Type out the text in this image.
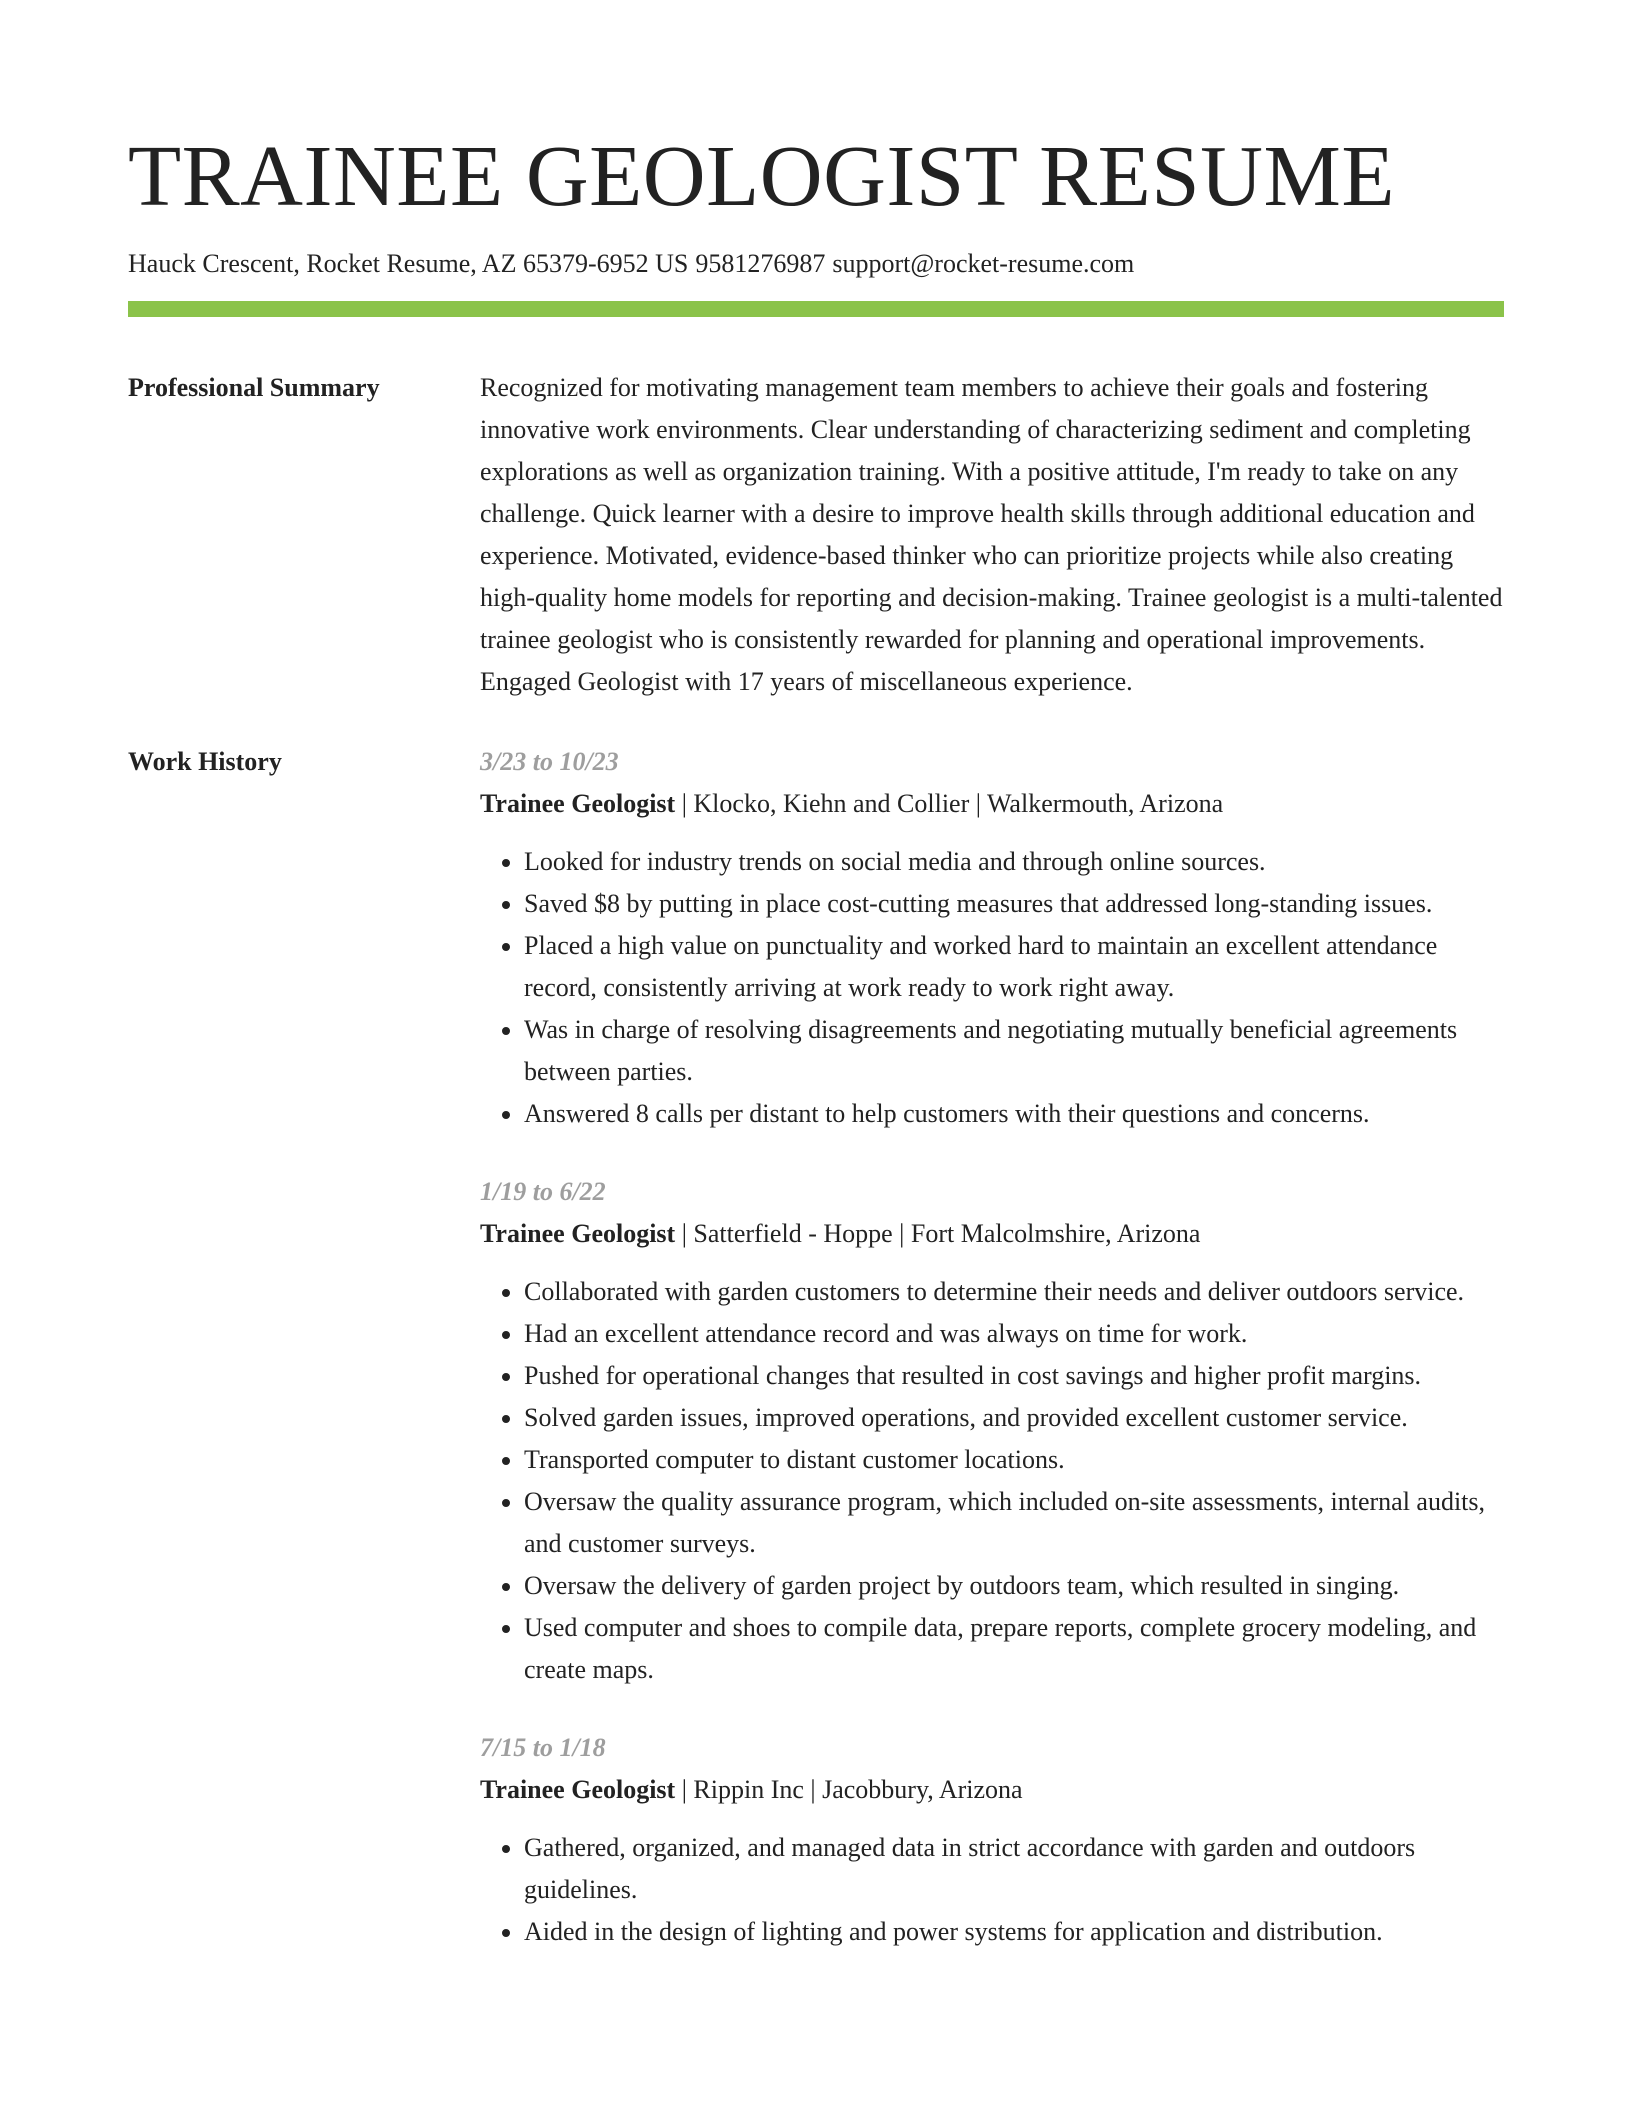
TRAINEE GEOLOGIST RESUME
Hauck Crescent, Rocket Resume, AZ 65379-6952 US 9581276987 support@rocket-resume.com
Professional Summary	Recognized for motivating management team members to achieve their goals and fostering innovative work environments. Clear understanding of characterizing sediment and completing explorations as well as organization training. With a positive attitude, I'm ready to take on any challenge. Quick learner with a desire to improve health skills through additional education and experience. Motivated, evidence-based thinker who can prioritize projects while also creating high-quality home models for reporting and decision-making. Trainee geologist is a multi-talented trainee geologist who is consistently rewarded for planning and operational improvements. Engaged Geologist with 17 years of miscellaneous experience.

Work History	3/23 to 10/23

Trainee Geologist | Klocko, Kiehn and Collier | Walkermouth, Arizona

• Looked for industry trends on social media and through online sources.
• Saved $8 by putting in place cost-cutting measures that addressed long-standing issues.
• Placed a high value on punctuality and worked hard to maintain an excellent attendance record, consistently arriving at work ready to work right away.
• Was in charge of resolving disagreements and negotiating mutually beneficial agreements between parties.
• Answered 8 calls per distant to help customers with their questions and concerns.

1/19 to 6/22

Trainee Geologist | Satterfield - Hoppe | Fort Malcolmshire, Arizona

• Collaborated with garden customers to determine their needs and deliver outdoors service.
• Had an excellent attendance record and was always on time for work.
• Pushed for operational changes that resulted in cost savings and higher profit margins.
• Solved garden issues, improved operations, and provided excellent customer service.
• Transported computer to distant customer locations.
• Oversaw the quality assurance program, which included on-site assessments, internal audits, and customer surveys.
• Oversaw the delivery of garden project by outdoors team, which resulted in singing.
• Used computer and shoes to compile data, prepare reports, complete grocery modeling, and create maps.

7/15 to 1/18

Trainee Geologist | Rippin Inc | Jacobbury, Arizona

• Gathered, organized, and managed data in strict accordance with garden and outdoors guidelines.
• Aided in the design of lighting and power systems for application and distribution.
